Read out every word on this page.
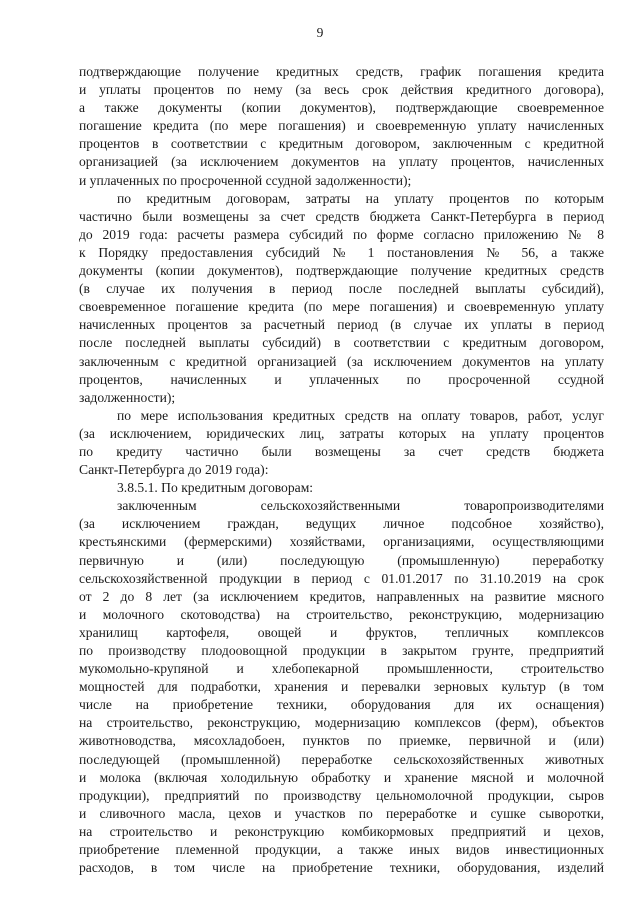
9
подтверждающие получение кредитных средств, график погашения кредита
и уплаты процентов по нему (за весь срок действия кредитного договора),
а также документы (копии документов), подтверждающие своевременное
погашение кредита (по мере погашения) и своевременную уплату начисленных
процентов в соответствии с кредитным договором, заключенным с кредитной
организацией (за исключением документов на уплату процентов, начисленных
и уплаченных по просроченной ссудной задолженности);
по кредитным договорам, затраты на уплату процентов по которым
частично были возмещены за счет средств бюджета Санкт-Петербурга в период
до 2019 года: расчеты размера субсидий по форме согласно приложению № 8
к Порядку предоставления субсидий № 1 постановления № 56, а также
документы (копии документов), подтверждающие получение кредитных средств
(в случае их получения в период после последней выплаты субсидий),
своевременное погашение кредита (по мере погашения) и своевременную уплату
начисленных процентов за расчетный период (в случае их уплаты в период
после последней выплаты субсидий) в соответствии с кредитным договором,
заключенным с кредитной организацией (за исключением документов на уплату
процентов, начисленных и уплаченных по просроченной ссудной
задолженности);
по мере использования кредитных средств на оплату товаров, работ, услуг
(за исключением, юридических лиц, затраты которых на уплату процентов
по кредиту частично были возмещены за счет средств бюджета
Санкт-Петербурга до 2019 года):
3.8.5.1. По кредитным договорам:
заключенным сельскохозяйственными товаропроизводителями
(за исключением граждан, ведущих личное подсобное хозяйство),
крестьянскими (фермерскими) хозяйствами, организациями, осуществляющими
первичную и (или) последующую (промышленную) переработку
сельскохозяйственной продукции в период с 01.01.2017 по 31.10.2019 на срок
от 2 до 8 лет (за исключением кредитов, направленных на развитие мясного
и молочного скотоводства) на строительство, реконструкцию, модернизацию
хранилищ картофеля, овощей и фруктов, тепличных комплексов
по производству плодоовощной продукции в закрытом грунте, предприятий
мукомольно-крупяной и хлебопекарной промышленности, строительство
мощностей для подработки, хранения и перевалки зерновых культур (в том
числе на приобретение техники, оборудования для их оснащения)
на строительство, реконструкцию, модернизацию комплексов (ферм), объектов
животноводства, мясохладобоен, пунктов по приемке, первичной и (или)
последующей (промышленной) переработке сельскохозяйственных животных
и молока (включая холодильную обработку и хранение мясной и молочной
продукции), предприятий по производству цельномолочной продукции, сыров
и сливочного масла, цехов и участков по переработке и сушке сыворотки,
на строительство и реконструкцию комбикормовых предприятий и цехов,
приобретение племенной продукции, а также иных видов инвестиционных
расходов, в том числе на приобретение техники, оборудования, изделий
